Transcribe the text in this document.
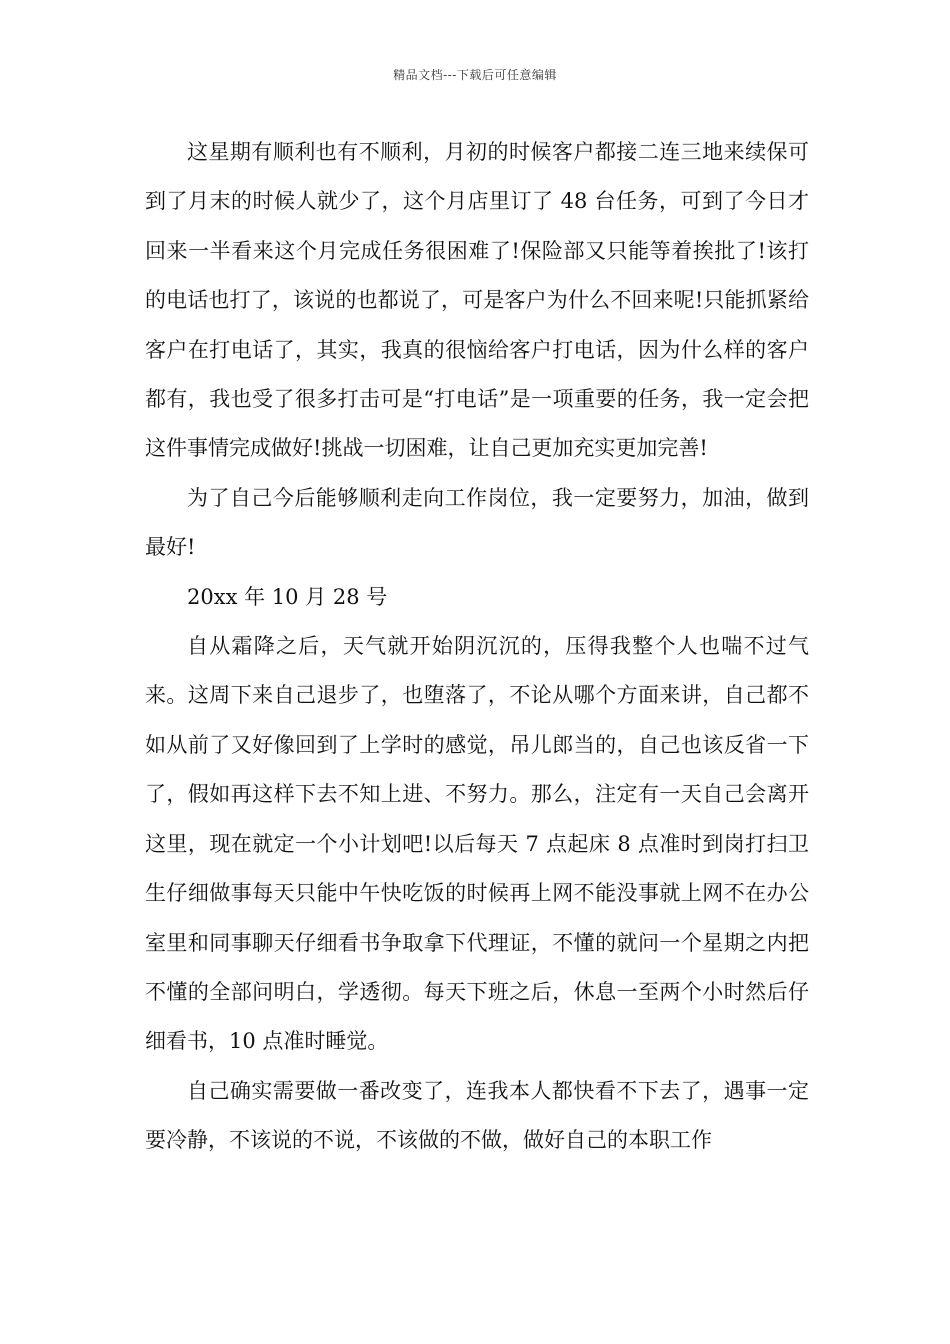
精品文档---下载后可任意编辑

这星期有顺利也有不顺利，月初的时候客户都接二连三地来续保可到了月末的时候人就少了，这个月店里订了 48 台任务，可到了今日才回来一半看来这个月完成任务很困难了!保险部又只能等着挨批了!该打的电话也打了，该说的也都说了，可是客户为什么不回来呢!只能抓紧给客户在打电话了，其实，我真的很恼给客户打电话，因为什么样的客户都有，我也受了很多打击可是“打电话”是一项重要的任务，我一定会把这件事情完成做好!挑战一切困难，让自己更加充实更加完善!

为了自己今后能够顺利走向工作岗位，我一定要努力，加油，做到最好!

20xx 年 10 月 28 号

自从霜降之后，天气就开始阴沉沉的，压得我整个人也喘不过气来。这周下来自己退步了，也堕落了，不论从哪个方面来讲，自己都不如从前了又好像回到了上学时的感觉，吊儿郎当的，自己也该反省一下了，假如再这样下去不知上进、不努力。那么，注定有一天自己会离开这里，现在就定一个小计划吧!以后每天 7 点起床 8 点准时到岗打扫卫生仔细做事每天只能中午快吃饭的时候再上网不能没事就上网不在办公室里和同事聊天仔细看书争取拿下代理证，不懂的就问一个星期之内把不懂的全部问明白，学透彻。每天下班之后，休息一至两个小时然后仔细看书，10 点准时睡觉。

自己确实需要做一番改变了，连我本人都快看不下去了，遇事一定要冷静，不该说的不说，不该做的不做，做好自己的本职工作
